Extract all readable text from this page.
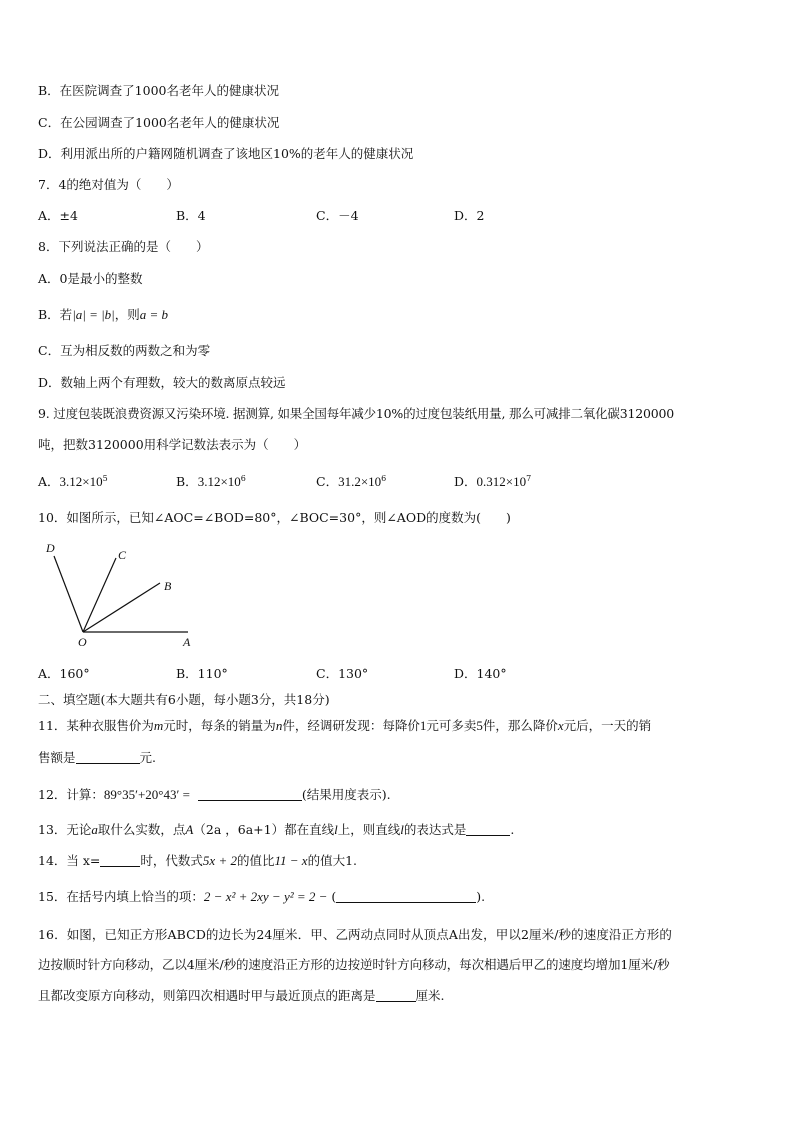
B．在医院调查了1000名老年人的健康状况
C．在公园调查了1000名老年人的健康状况
D．利用派出所的户籍网随机调查了该地区10%的老年人的健康状况
7．4的绝对值为（　　）
A．±4	B．4	C．－4	D．2
8．下列说法正确的是（　　）
A．0是最小的整数
B．若|a| = |b|，则a = b
C．互为相反数的两数之和为零
D．数轴上两个有理数，较大的数离原点较远
9. 过度包装既浪费资源又污染环境. 据测算, 如果全国每年减少10%的过度包装纸用量, 那么可减排二氧化碳3120000
吨，把数3120000用科学记数法表示为（　　）
A．$3.12\times 10^5$	B．$3.12\times 10^6$	C．$31.2\times 10^6$	D．$0.312\times 10^7$
10．如图所示，已知∠AOC=∠BOD=80°，∠BOC=30°，则∠AOD的度数为(　　)
D	C
B
O	A
A．160°	B．110°	C．130°	D．140°
二、填空题(本大题共有6小题，每小题3分，共18分)
11．某种衣服售价为m元时，每条的销量为n件，经调研发现：每降价1元可多卖5件，那么降价x元后，一天的销
售额是	元.
12．计算：89°35′+20°43′ =	(结果用度表示).
13．无论a取什么实数，点A（2a ，6a+1）都在直线l上，则直线l的表达式是	.
14．当 x=	时，代数式5x + 2的值比11 − x的值大1.
15．在括号内填上恰当的项：2 − x² + 2xy − y² = 2 − (	).
16．如图，已知正方形ABCD的边长为24厘米．甲、乙两动点同时从顶点A出发，甲以2厘米/秒的速度沿正方形的
边按顺时针方向移动，乙以4厘米/秒的速度沿正方形的边按逆时针方向移动，每次相遇后甲乙的速度均增加1厘米/秒
且都改变原方向移动，则第四次相遇时甲与最近顶点的距离是	厘米.
